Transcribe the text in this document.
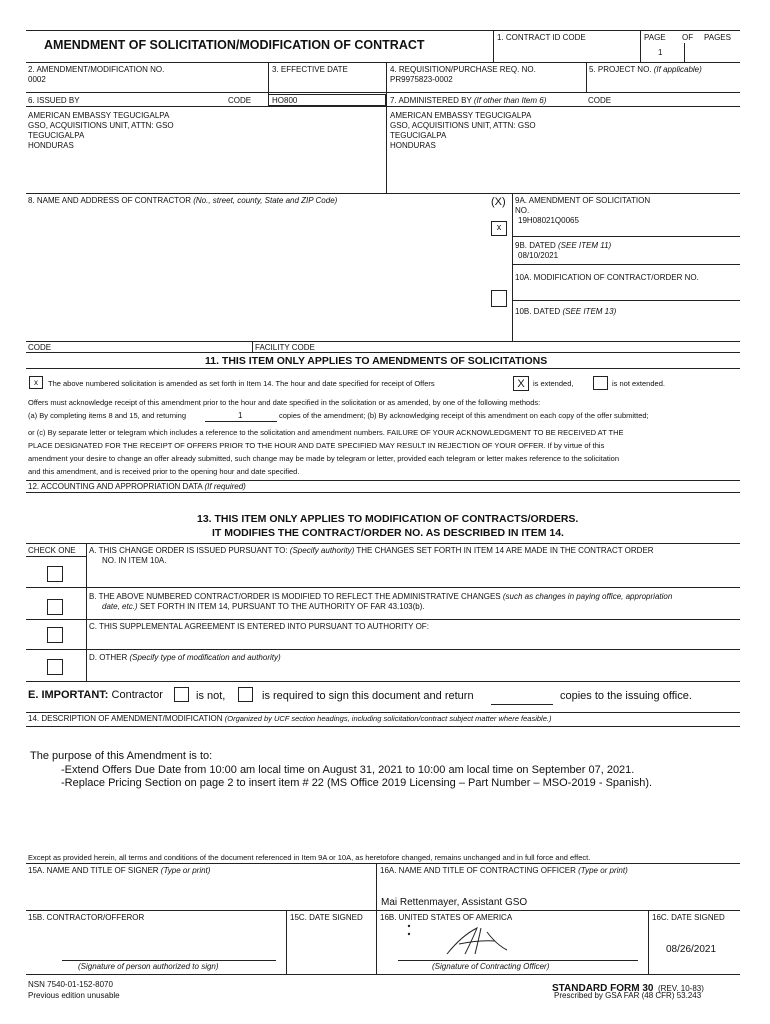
AMENDMENT OF SOLICITATION/MODIFICATION OF CONTRACT
1. CONTRACT ID CODE	PAGE OF PAGES
1
2. AMENDMENT/MODIFICATION NO.
0002
3. EFFECTIVE DATE	4. REQUISITION/PURCHASE REQ. NO.
PR9975823-0002
5. PROJECT NO. (If applicable)
6. ISSUED BY	CODE	HO800	7. ADMINISTERED BY (If other than Item 6)	CODE
AMERICAN EMBASSY TEGUCIGALPA
GSO, ACQUISITIONS UNIT, ATTN: GSO
TEGUCIGALPA
HONDURAS
AMERICAN EMBASSY TEGUCIGALPA
GSO, ACQUISITIONS UNIT, ATTN: GSO
TEGUCIGALPA
HONDURAS
8. NAME AND ADDRESS OF CONTRACTOR (No., street, county, State and ZIP Code)	(X)
x
9A. AMENDMENT OF SOLICITATION
NO.
19H08021Q0065
9B. DATED (SEE ITEM 11)
08/10/2021
10A. MODIFICATION OF CONTRACT/ORDER NO.
10B. DATED (SEE ITEM 13)
CODE	FACILITY CODE
11. THIS ITEM ONLY APPLIES TO AMENDMENTS OF SOLICITATIONS
x	The above numbered solicitation is amended as set forth in Item 14. The hour and date specified for receipt of Offers	X	is extended,	is not extended.
Offers must acknowledge receipt of this amendment prior to the hour and date specified in the solicitation or as amended, by one of the following methods:
(a) By completing items 8 and 15, and returning	1	copies of the amendment; (b) By acknowledging receipt of this amendment on each copy of the offer submitted;
or (c) By separate letter or telegram which includes a reference to the solicitation and amendment numbers. FAILURE OF YOUR ACKNOWLEDGMENT TO BE RECEIVED AT THE
PLACE DESIGNATED FOR THE RECEIPT OF OFFERS PRIOR TO THE HOUR AND DATE SPECIFIED MAY RESULT IN REJECTION OF YOUR OFFER. If by virtue of this
amendment your desire to change an offer already submitted, such change may be made by telegram or letter, provided each telegram or letter makes reference to the solicitation
and this amendment, and is received prior to the opening hour and date specified.
12. ACCOUNTING AND APPROPRIATION DATA (If required)
13. THIS ITEM ONLY APPLIES TO MODIFICATION OF CONTRACTS/ORDERS.
IT MODIFIES THE CONTRACT/ORDER NO. AS DESCRIBED IN ITEM 14.
CHECK ONE A. THIS CHANGE ORDER IS ISSUED PURSUANT TO: (Specify authority) THE CHANGES SET FORTH IN ITEM 14 ARE MADE IN THE CONTRACT ORDER
NO. IN ITEM 10A.
B. THE ABOVE NUMBERED CONTRACT/ORDER IS MODIFIED TO REFLECT THE ADMINISTRATIVE CHANGES (such as changes in paying office, appropriation
date, etc.) SET FORTH IN ITEM 14, PURSUANT TO THE AUTHORITY OF FAR 43.103(b).
C. THIS SUPPLEMENTAL AGREEMENT IS ENTERED INTO PURSUANT TO AUTHORITY OF:
D. OTHER (Specify type of modification and authority)
E. IMPORTANT: Contractor	is not,	is required to sign this document and return	copies to the issuing office.
14. DESCRIPTION OF AMENDMENT/MODIFICATION (Organized by UCF section headings, including solicitation/contract subject matter where feasible.)
The purpose of this Amendment is to:
-Extend Offers Due Date from 10:00 am local time on August 31, 2021 to 10:00 am local time on September 07, 2021.
-Replace Pricing Section on page 2 to insert item # 22 (MS Office 2019 Licensing – Part Number – MSO-2019 - Spanish).
Except as provided herein, all terms and conditions of the document referenced in Item 9A or 10A, as heretofore changed, remains unchanged and in full force and effect.
15A. NAME AND TITLE OF SIGNER (Type or print)	16A. NAME AND TITLE OF CONTRACTING OFFICER (Type or print)
Mai Rettenmayer, Assistant GSO
15B. CONTRACTOR/OFFEROR	15C. DATE SIGNED 16B. UNITED STATES OF AMERICA	16C. DATE SIGNED
08/26/2021
(Signature of person authorized to sign)	(Signature of Contracting Officer)
NSN 7540-01-152-8070
Previous edition unusable
STANDARD FORM 30 (REV. 10-83)
Prescribed by GSA FAR (48 CFR) 53.243
